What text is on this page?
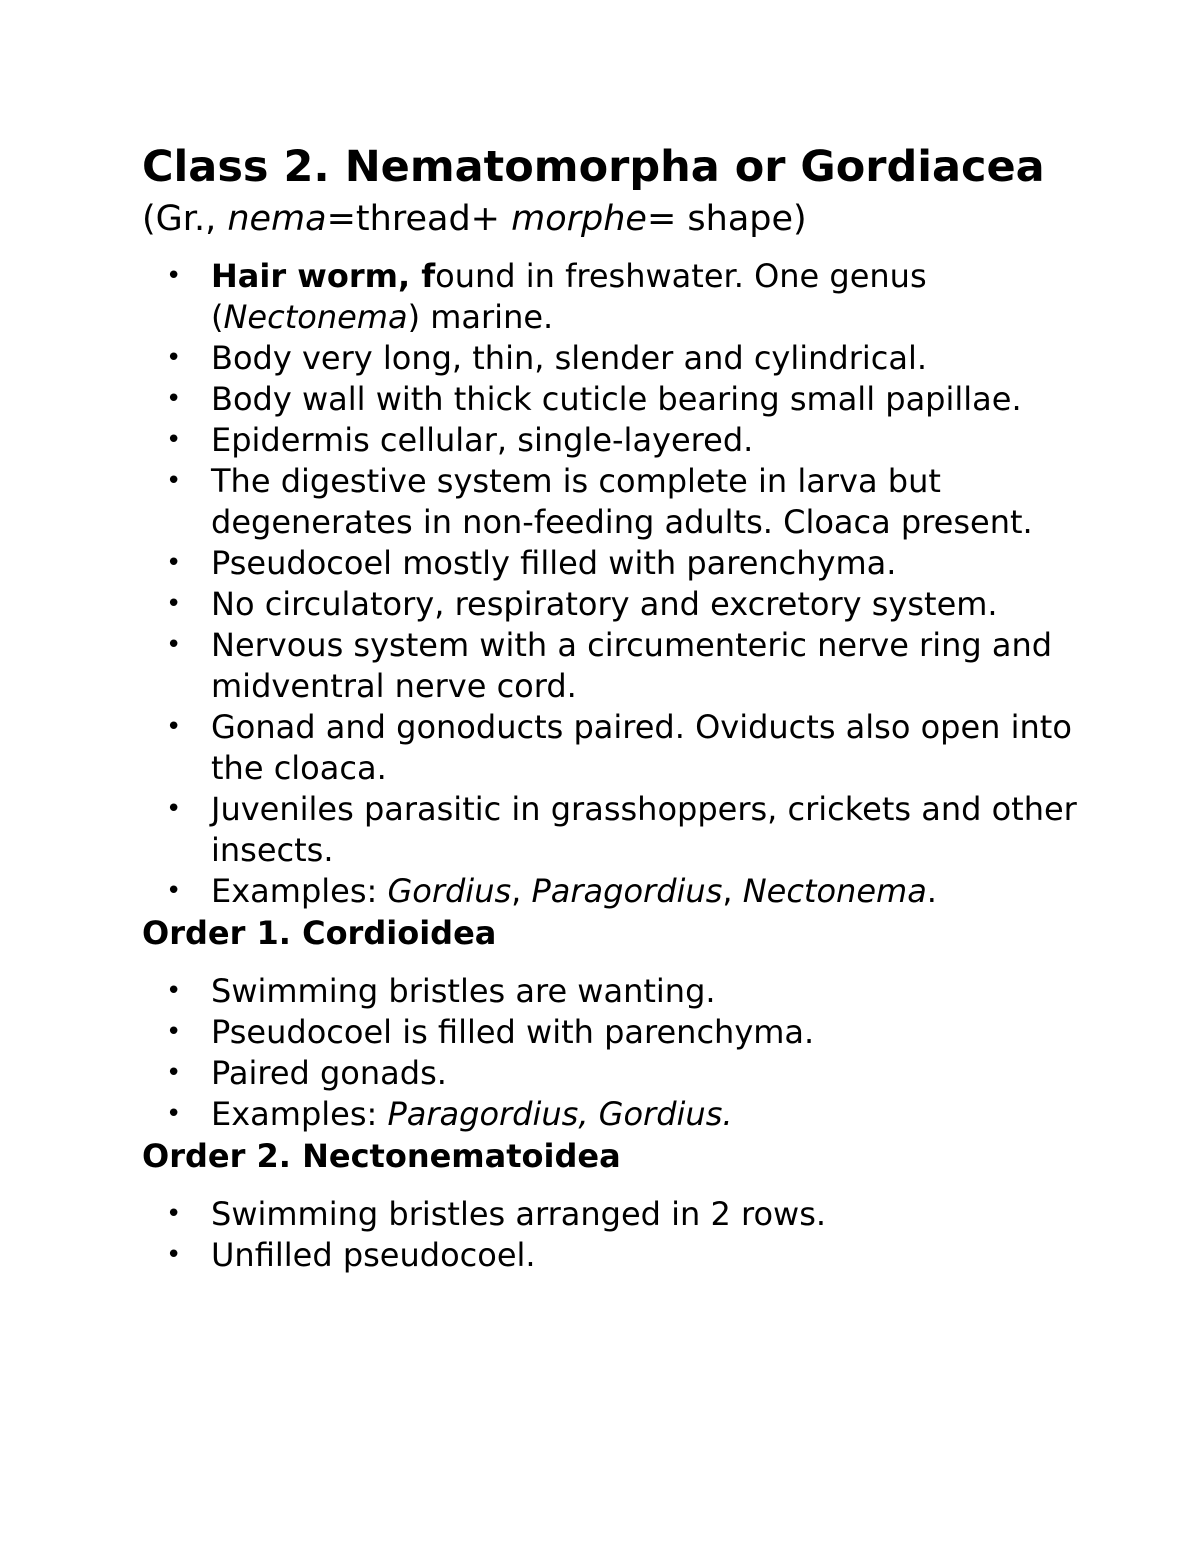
Class 2. Nematomorpha or Gordiacea

(Gr., nema=thread+ morphe= shape)

• Hair worm, found in freshwater. One genus (Nectonema) marine.
• Body very long, thin, slender and cylindrical.
• Body wall with thick cuticle bearing small papillae.
• Epidermis cellular, single-layered.
• The digestive system is complete in larva but degenerates in non-feeding adults. Cloaca present.
• Pseudocoel mostly filled with parenchyma.
• No circulatory, respiratory and excretory system.
• Nervous system with a circumenteric nerve ring and midventral nerve cord.
• Gonad and gonoducts paired. Oviducts also open into the cloaca.
• Juveniles parasitic in grasshoppers, crickets and other insects.
• Examples: Gordius, Paragordius, Nectonema.
Order 1. Cordioidea
• Swimming bristles are wanting.
• Pseudocoel is filled with parenchyma.
• Paired gonads.
• Examples: Paragordius, Gordius.
Order 2. Nectonematoidea
• Swimming bristles arranged in 2 rows.
• Unfilled pseudocoel.
